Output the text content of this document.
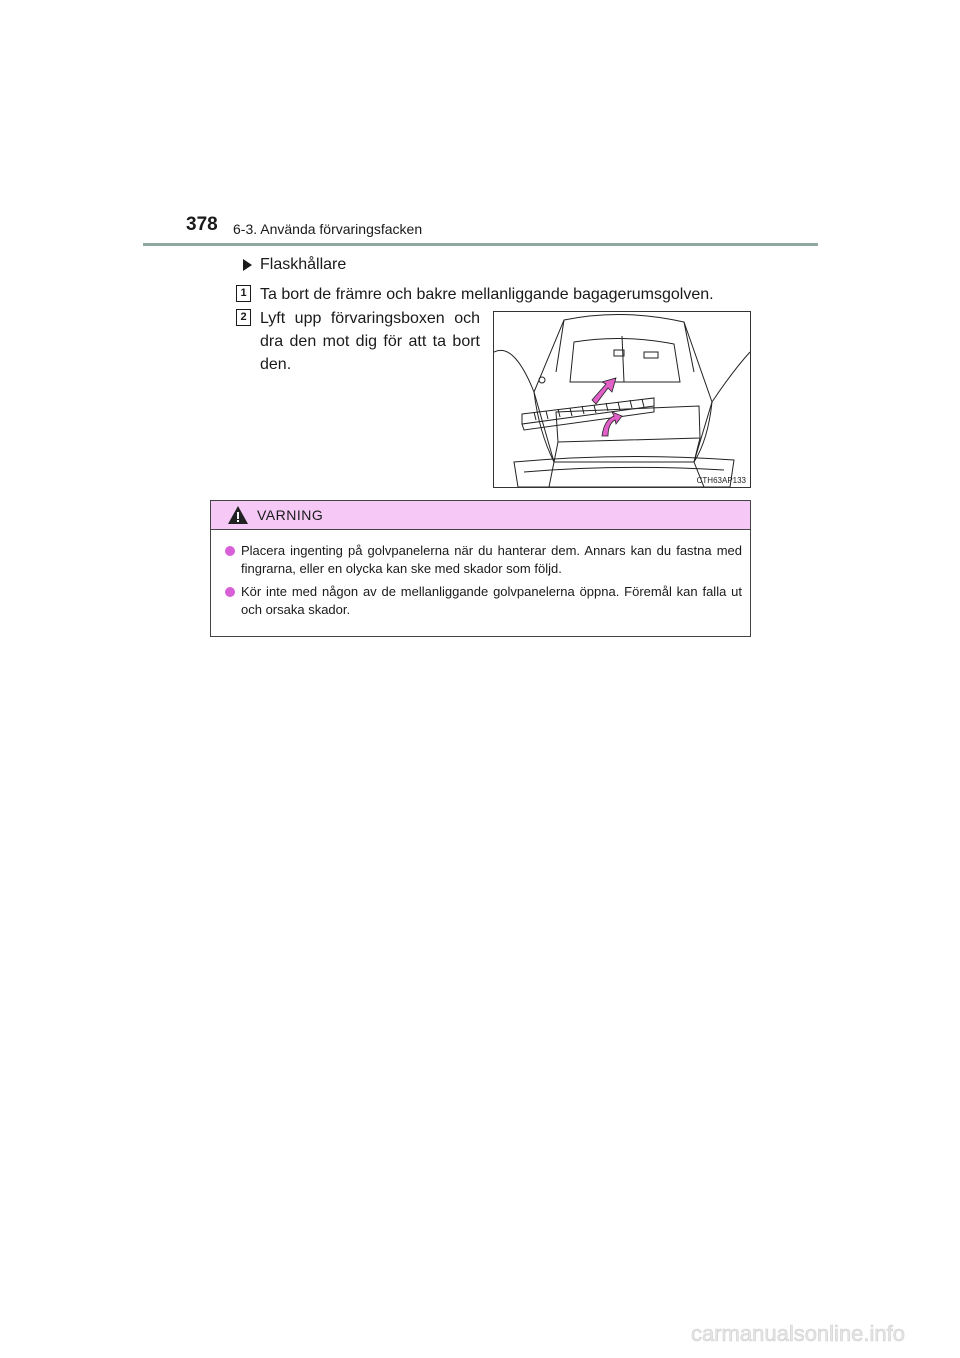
378 6-3. Använda förvaringsfacken
Flaskhållare
1 Ta bort de främre och bakre mellanliggande bagagerumsgolven.
2 Lyft upp förvaringsboxen och dra den mot dig för att ta bort den.
CTH63AP133
VARNING
Placera ingenting på golvpanelerna när du hanterar dem. Annars kan du fastna med fingrarna, eller en olycka kan ske med skador som följd.
Kör inte med någon av de mellanliggande golvpanelerna öppna. Föremål kan falla ut och orsaka skador.
carmanualsonline.info
